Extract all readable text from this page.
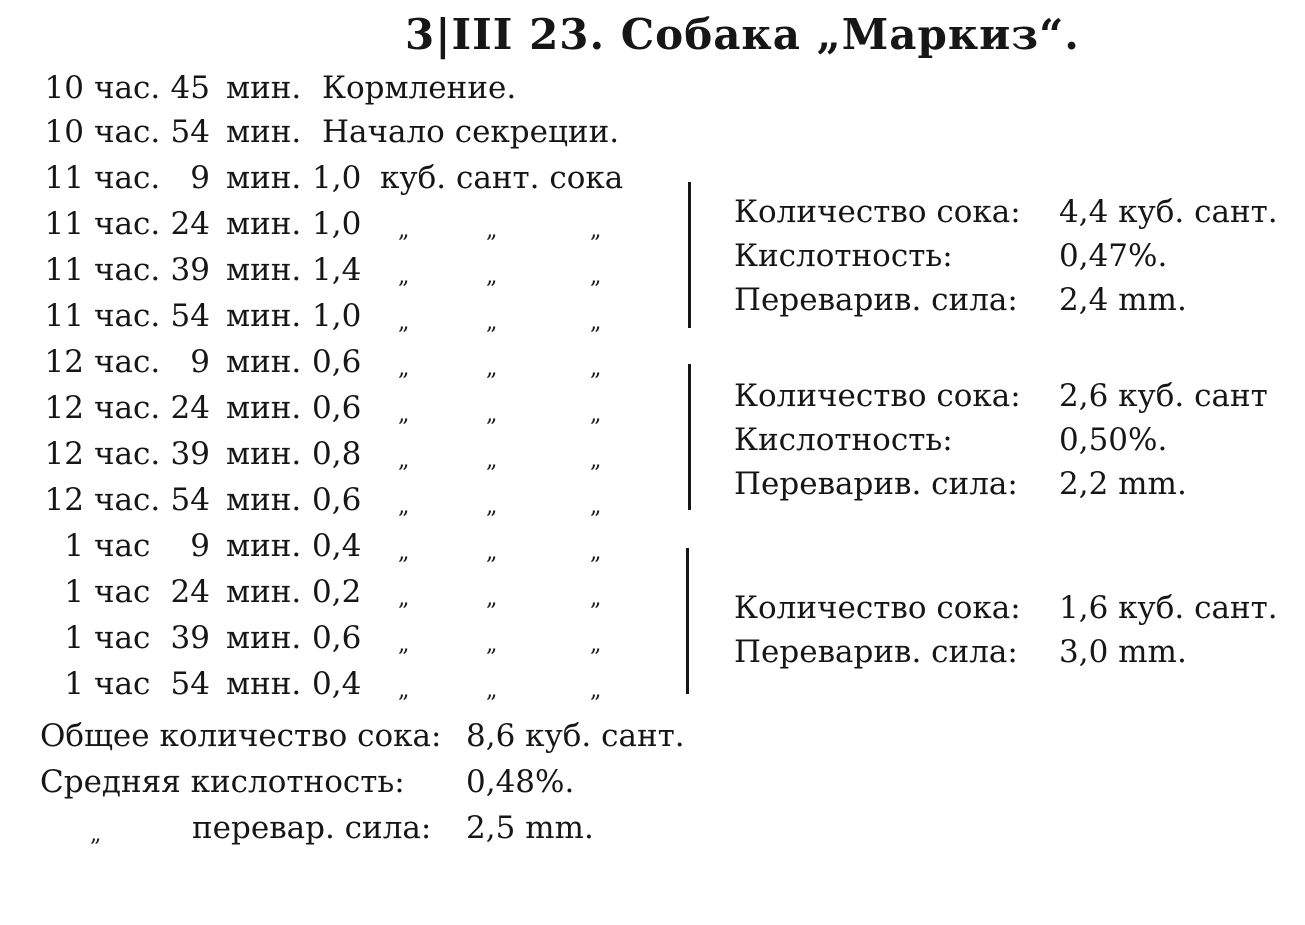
3|III 23. Собака „Маркиз“.
10 час. 45 мин. Кормление.
10 час. 54 мин. Начало секреции.
11 час. 9 мин. 1,0 куб. сант. сока
11 час. 24 мин. 1,0 „	„	„
11 час. 39 мин. 1,4 „	„	„
11 час. 54 мин. 1,0 „	„	„
12 час. 9 мин. 0,6 „	„	„
12 час. 24 мин. 0,6 „	„	„
12 час. 39 мин. 0,8 „	„	„
12 час. 54 мин. 0,6 „	„	„
1 час	9 мин. 0,4 „	„	„
1 час 24 мин. 0,2 „	„	„
1 час 39 мин. 0,6 „	„	„
1 час 54 мнн. 0,4 „	„	„
Количество сока: 4,4 куб. сант.
Кислотность:	0,47%.
Переварив. сила: 2,4 mm.
Количество сока: 2,6 куб. сант
Кислотность:	0,50%.
Переварив. сила: 2,2 mm.
Количество сока: 1,6 куб. сант.
Переварив. сила: 3,0 mm.
Общее количество сока: 8,6 куб. сант.
Средняя кислотность: 0,48%.
„	перевар. сила: 2,5 mm.
